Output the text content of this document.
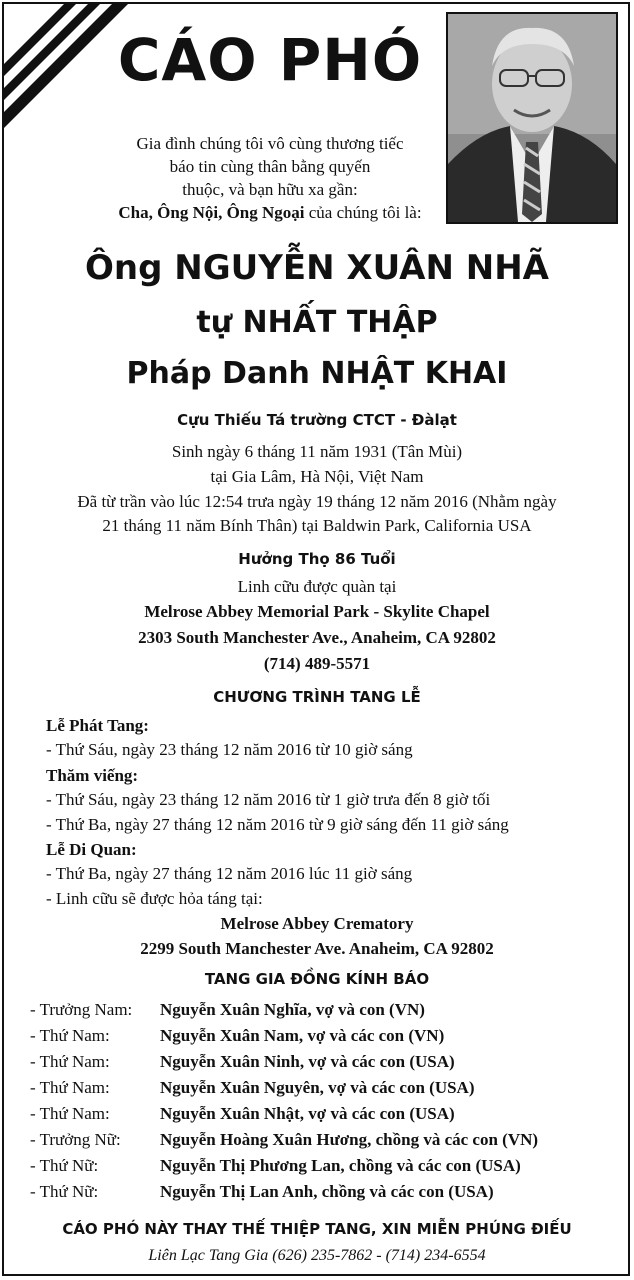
CÁO PHÓ
Gia đình chúng tôi vô cùng thương tiếc
báo tin cùng thân bằng quyến
thuộc, và bạn hữu xa gần:
Cha, Ông Nội, Ông Ngoại của chúng tôi là:
Ông NGUYỄN XUÂN NHÃ
tự NHẤT THẬP
Pháp Danh NHẬT KHAI
Cựu Thiếu Tá trường CTCT - Đàlạt
Sinh ngày 6 tháng 11 năm 1931 (Tân Mùi)
tại Gia Lâm, Hà Nội, Việt Nam
Đã từ trần vào lúc 12:54 trưa ngày 19 tháng 12 năm 2016 (Nhằm ngày
21 tháng 11 năm Bính Thân) tại Baldwin Park, California USA
Hưởng Thọ 86 Tuổi
Linh cữu được quàn tại
Melrose Abbey Memorial Park - Skylite Chapel
2303 South Manchester Ave., Anaheim, CA 92802
(714) 489-5571
CHƯƠNG TRÌNH TANG LỄ
Lễ Phát Tang:
- Thứ Sáu, ngày 23 tháng 12 năm 2016 từ 10 giờ sáng
Thăm viếng:
- Thứ Sáu, ngày 23 tháng 12 năm 2016 từ 1 giờ trưa đến 8 giờ tối
- Thứ Ba, ngày 27 tháng 12 năm 2016 từ 9 giờ sáng đến 11 giờ sáng
Lễ Di Quan:
- Thứ Ba, ngày 27 tháng 12 năm 2016 lúc 11 giờ sáng
- Linh cữu sẽ được hỏa táng tại:
Melrose Abbey Crematory
2299 South Manchester Ave. Anaheim, CA 92802
TANG GIA ĐỒNG KÍNH BÁO
- Trưởng Nam: Nguyễn Xuân Nghĩa, vợ và con (VN)
- Thứ Nam:	Nguyễn Xuân Nam, vợ và các con (VN)
- Thứ Nam:	Nguyễn Xuân Ninh, vợ và các con (USA)
- Thứ Nam:	Nguyễn Xuân Nguyên, vợ và các con (USA)
- Thứ Nam:	Nguyễn Xuân Nhật, vợ và các con (USA)
- Trưởng Nữ: Nguyễn Hoàng Xuân Hương, chồng và các con (VN)
- Thứ Nữ:	Nguyễn Thị Phương Lan, chồng và các con (USA)
- Thứ Nữ:	Nguyễn Thị Lan Anh, chồng và các con (USA)
CÁO PHÓ NÀY THAY THẾ THIỆP TANG, XIN MIỄN PHÚNG ĐIẾU
Liên Lạc Tang Gia (626) 235-7862 - (714) 234-6554
